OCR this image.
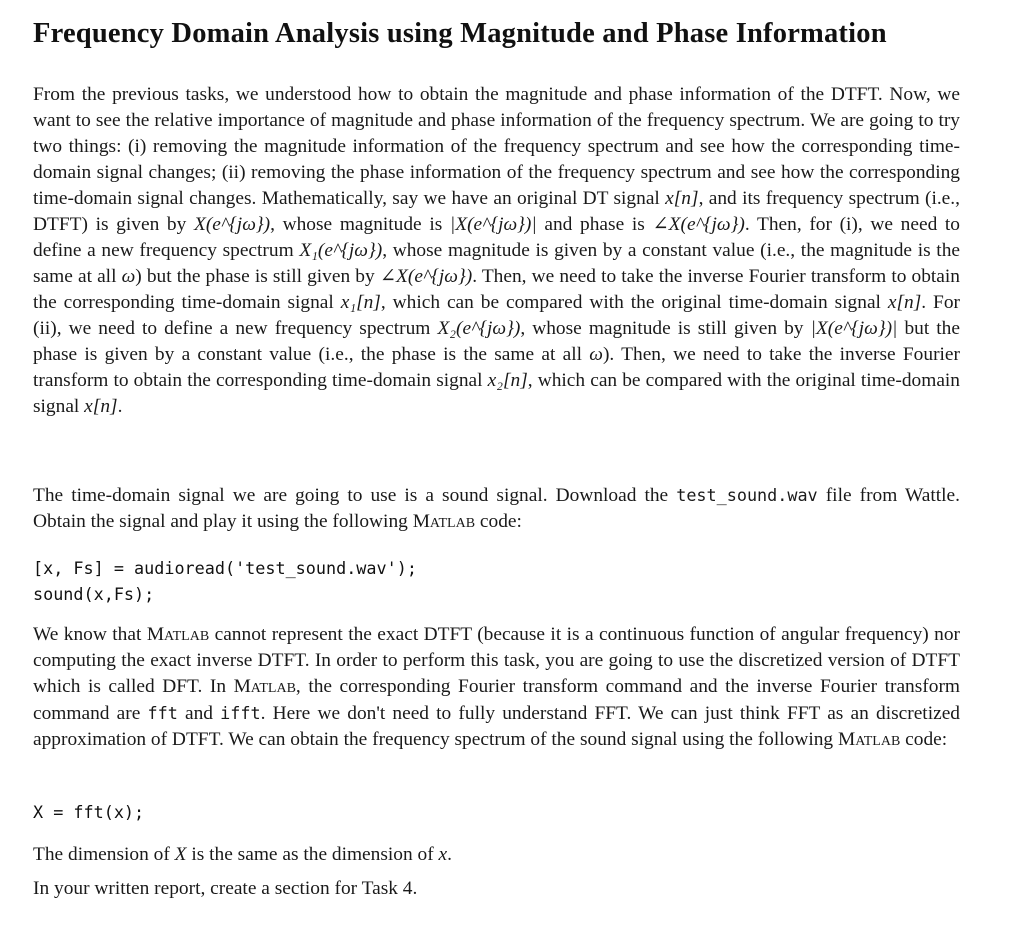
Frequency Domain Analysis using Magnitude and Phase Information

From the previous tasks, we understood how to obtain the magnitude and phase information of the DTFT. Now, we want to see the relative importance of magnitude and phase information of the frequency spectrum. We are going to try two things: (i) removing the magnitude information of the frequency spectrum and see how the corresponding time-domain signal changes; (ii) removing the phase information of the frequency spectrum and see how the corresponding time-domain signal changes. Mathematically, say we have an original DT signal x[n], and its frequency spectrum (i.e., DTFT) is given by X(e^{jω}), whose magnitude is |X(e^{jω})| and phase is ∠X(e^{jω}). Then, for (i), we need to define a new frequency spectrum X₁(e^{jω}), whose magnitude is given by a constant value (i.e., the magnitude is the same at all ω) but the phase is still given by ∠X(e^{jω}). Then, we need to take the inverse Fourier transform to obtain the corresponding time-domain signal x₁[n], which can be compared with the original time-domain signal x[n]. For (ii), we need to define a new frequency spectrum X₂(e^{jω}), whose magnitude is still given by |X(e^{jω})| but the phase is given by a constant value (i.e., the phase is the same at all ω). Then, we need to take the inverse Fourier transform to obtain the corresponding time-domain signal x₂[n], which can be compared with the original time-domain signal x[n].

The time-domain signal we are going to use is a sound signal. Download the test_sound.wav file from Wattle. Obtain the signal and play it using the following Matlab code:

[x, Fs] = audioread('test_sound.wav');
sound(x,Fs);

We know that Matlab cannot represent the exact DTFT (because it is a continuous function of angular frequency) nor computing the exact inverse DTFT. In order to perform this task, you are going to use the discretized version of DTFT which is called DFT. In Matlab, the corresponding Fourier transform command and the inverse Fourier transform command are fft and ifft. Here we don't need to fully understand FFT. We can just think FFT as an discretized approximation of DTFT. We can obtain the frequency spectrum of the sound signal using the following Matlab code:

X = fft(x);

The dimension of X is the same as the dimension of x.

In your written report, create a section for Task 4.
